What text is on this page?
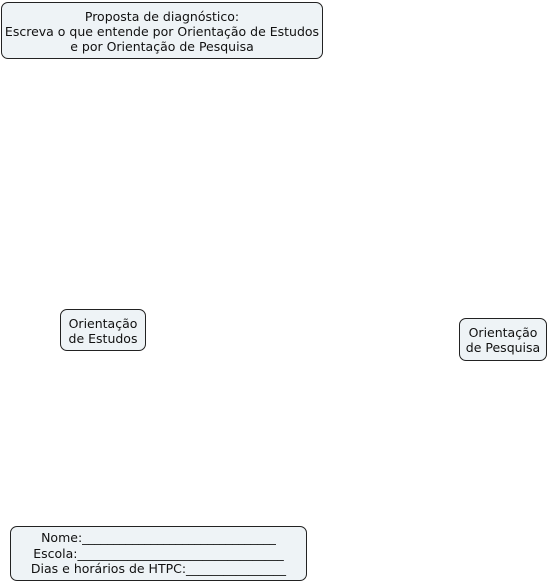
Proposta de diagnóstico:
Escreva o que entende por Orientação de Estudos
e por Orientação de Pesquisa
Orientação
de Estudos	Orientação
de Pesquisa
Nome:_______________________________
Escola:_________________________________
Dias e horários de HTPC:________________
